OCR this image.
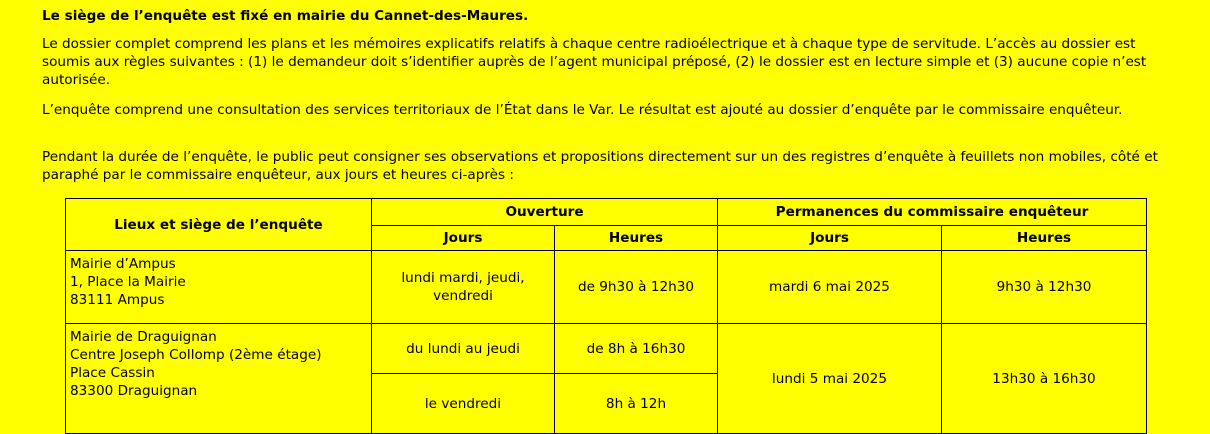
Le siège de l’enquête est fixé en mairie du Cannet-des-Maures.

Le dossier complet comprend les plans et les mémoires explicatifs relatifs à chaque centre radioélectrique et à chaque type de servitude. L’accès au dossier est soumis aux règles suivantes : (1) le demandeur doit s’identifier auprès de l’agent municipal préposé, (2) le dossier est en lecture simple et (3) aucune copie n’est autorisée.

L’enquête comprend une consultation des services territoriaux de l’État dans le Var. Le résultat est ajouté au dossier d’enquête par le commissaire enquêteur.

Pendant la durée de l’enquête, le public peut consigner ses observations et propositions directement sur un des registres d’enquête à feuillets non mobiles, côté et paraphé par le commissaire enquêteur, aux jours et heures ci-après :

Lieux et siège de l’enquête	Ouverture		Permanences du commissaire enquêteur	
	Jours	Heures	Jours	Heures

Mairie d’Ampus
1, Place la Mairie
83111 Ampus	lundi mardi, jeudi, vendredi	de 9h30 à 12h30	mardi 6 mai 2025	9h30 à 12h30

Mairie de Draguignan
Centre Joseph Collomp (2ème étage)
Place Cassin
83300 Draguignan	du lundi au jeudi	de 8h à 16h30	lundi 5 mai 2025	13h30 à 16h30
	le vendredi	8h à 12h		
